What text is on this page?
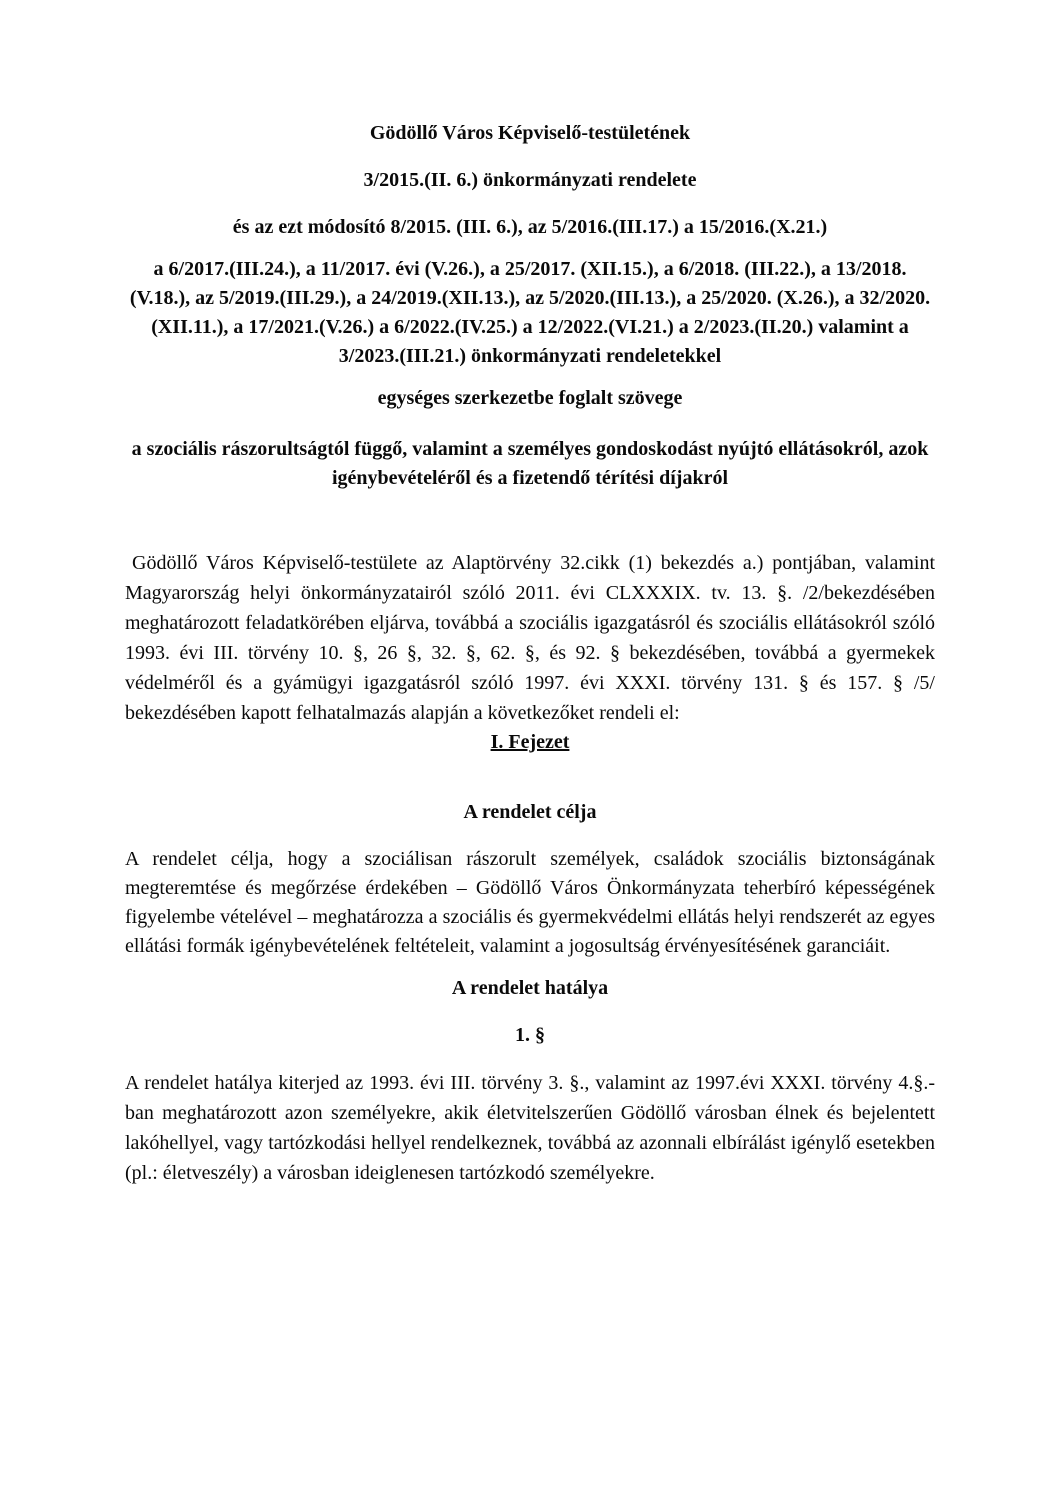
Gödöllő Város Képviselő-testületének

3/2015.(II. 6.) önkormányzati rendelete

és az ezt módosító 8/2015. (III. 6.), az 5/2016.(III.17.) a 15/2016.(X.21.)

a 6/2017.(III.24.), a 11/2017. évi (V.26.), a 25/2017. (XII.15.), a 6/2018. (III.22.), a 13/2018.(V.18.), az 5/2019.(III.29.), a 24/2019.(XII.13.), az 5/2020.(III.13.), a 25/2020. (X.26.), a 32/2020. (XII.11.), a 17/2021.(V.26.) a 6/2022.(IV.25.) a 12/2022.(VI.21.) a 2/2023.(II.20.) valamint a 3/2023.(III.21.) önkormányzati rendeletekkel

egységes szerkezetbe foglalt szövege

a szociális rászorultságtól függő, valamint a személyes gondoskodást nyújtó ellátásokról, azok igénybevételéről és a fizetendő térítési díjakról

Gödöllő Város Képviselő-testülete az Alaptörvény 32.cikk (1) bekezdés a.) pontjában, valamint Magyarország helyi önkormányzatairól szóló 2011. évi CLXXXIX. tv. 13. §. /2/bekezdésében meghatározott feladatkörében eljárva, továbbá a szociális igazgatásról és szociális ellátásokról szóló 1993. évi III. törvény 10. §, 26 §, 32. §, 62. §, és 92. § bekezdésében, továbbá a gyermekek védelméről és a gyámügyi igazgatásról szóló 1997. évi XXXI. törvény 131. § és 157. § /5/ bekezdésében kapott felhatalmazás alapján a következőket rendeli el:

I. Fejezet

A rendelet célja

A rendelet célja, hogy a szociálisan rászorult személyek, családok szociális biztonságának megteremtése és megőrzése érdekében – Gödöllő Város Önkormányzata teherbíró képességének figyelembe vételével – meghatározza a szociális és gyermekvédelmi ellátás helyi rendszerét az egyes ellátási formák igénybevételének feltételeit, valamint a jogosultság érvényesítésének garanciáit.

A rendelet hatálya

1. §

A rendelet hatálya kiterjed az 1993. évi III. törvény 3. §., valamint az 1997.évi XXXI. törvény 4.§.-ban meghatározott azon személyekre, akik életvitelszerűen Gödöllő városban élnek és bejelentett lakóhellyel, vagy tartózkodási hellyel rendelkeznek, továbbá az azonnali elbírálást igénylő esetekben (pl.: életveszély) a városban ideiglenesen tartózkodó személyekre.
